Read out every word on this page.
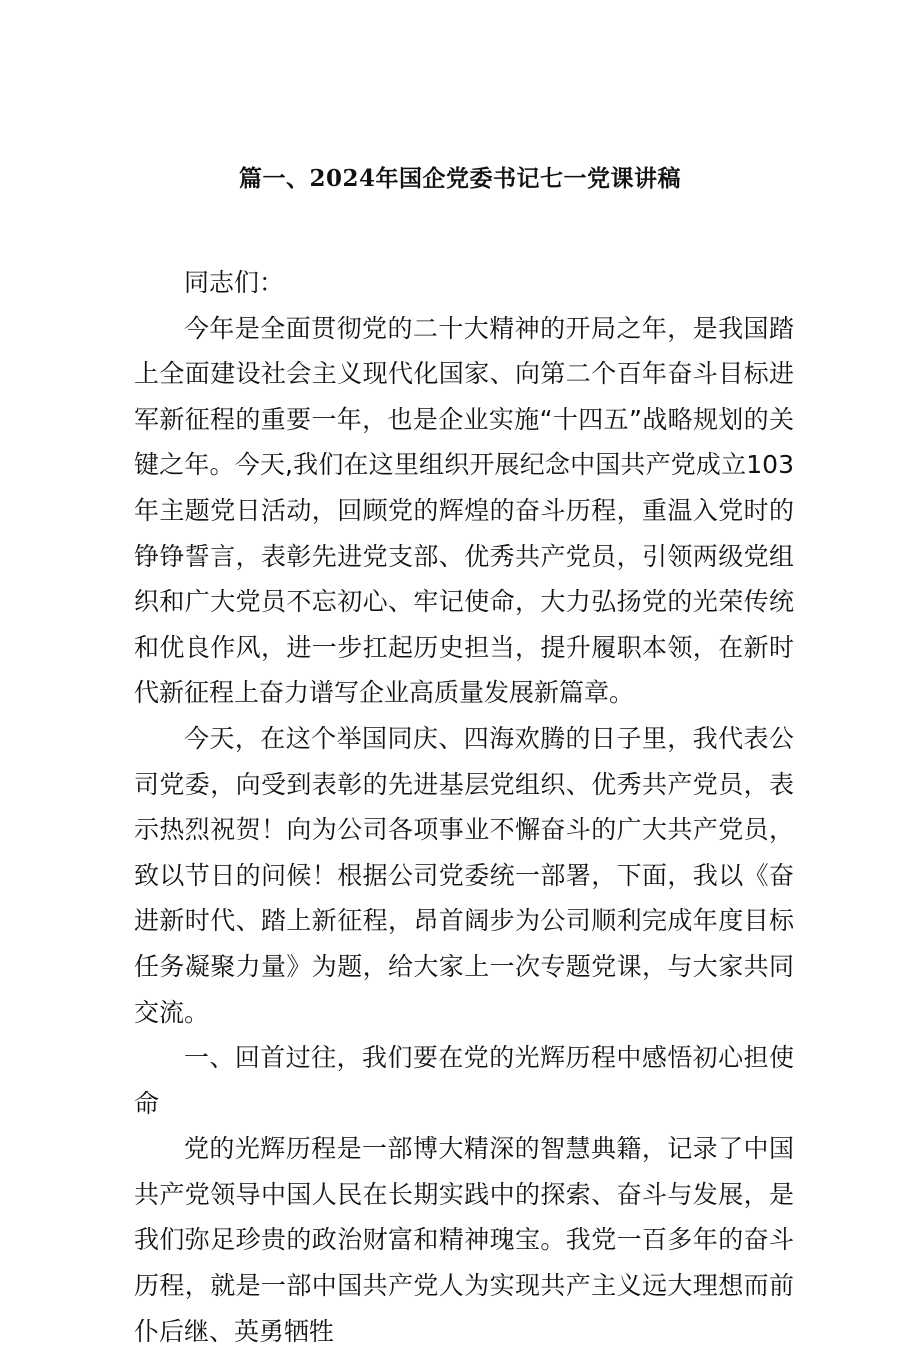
篇一、2024年国企党委书记七一党课讲稿

同志们：

今年是全面贯彻党的二十大精神的开局之年，是我国踏上全面建设社会主义现代化国家、向第二个百年奋斗目标进军新征程的重要一年，也是企业实施“十四五”战略规划的关键之年。今天,我们在这里组织开展纪念中国共产党成立103年主题党日活动，回顾党的辉煌的奋斗历程，重温入党时的铮铮誓言，表彰先进党支部、优秀共产党员，引领两级党组织和广大党员不忘初心、牢记使命，大力弘扬党的光荣传统和优良作风，进一步扛起历史担当，提升履职本领，在新时代新征程上奋力谱写企业高质量发展新篇章。

今天，在这个举国同庆、四海欢腾的日子里，我代表公司党委，向受到表彰的先进基层党组织、优秀共产党员，表示热烈祝贺！向为公司各项事业不懈奋斗的广大共产党员，致以节日的问候！根据公司党委统一部署，下面，我以《奋进新时代、踏上新征程，昂首阔步为公司顺利完成年度目标任务凝聚力量》为题，给大家上一次专题党课，与大家共同交流。

一、回首过往，我们要在党的光辉历程中感悟初心担使命

党的光辉历程是一部博大精深的智慧典籍，记录了中国共产党领导中国人民在长期实践中的探索、奋斗与发展，是我们弥足珍贵的政治财富和精神瑰宝。我党一百多年的奋斗历程，就是一部中国共产党人为实现共产主义远大理想而前仆后继、英勇牺牲
